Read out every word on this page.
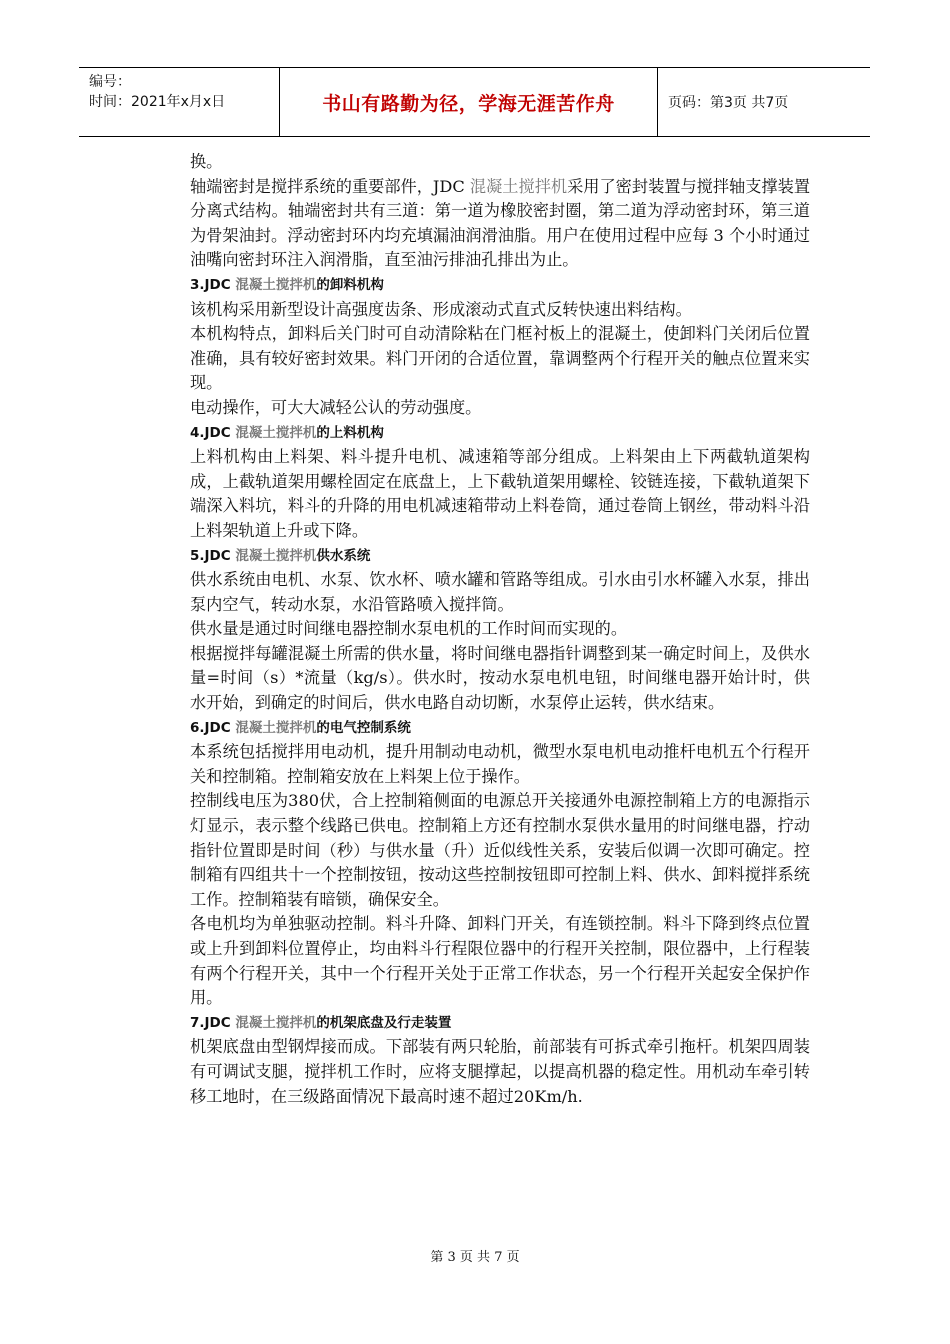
编号：
时间：2021年x月x日	书山有路勤为径，学海无涯苦作舟	页码：第3页 共7页

换。

轴端密封是搅拌系统的重要部件，JDC 混凝土搅拌机采用了密封装置与搅拌轴支撑装置分离式结构。轴端密封共有三道：第一道为橡胶密封圈，第二道为浮动密封环，第三道为骨架油封。浮动密封环内均充填漏油润滑油脂。用户在使用过程中应每 3 个小时通过油嘴向密封环注入润滑脂，直至油污排油孔排出为止。

3.JDC 混凝土搅拌机的卸料机构

该机构采用新型设计高强度齿条、形成滚动式直式反转快速出料结构。

本机构特点，卸料后关门时可自动清除粘在门框衬板上的混凝土，使卸料门关闭后位置准确，具有较好密封效果。料门开闭的合适位置，靠调整两个行程开关的触点位置来实现。

电动操作，可大大减轻公认的劳动强度。

4.JDC 混凝土搅拌机的上料机构

上料机构由上料架、料斗提升电机、减速箱等部分组成。上料架由上下两截轨道架构成，上截轨道架用螺栓固定在底盘上，上下截轨道架用螺栓、铰链连接，下截轨道架下端深入料坑，料斗的升降的用电机减速箱带动上料卷筒，通过卷筒上钢丝，带动料斗沿上料架轨道上升或下降。

5.JDC 混凝土搅拌机供水系统

供水系统由电机、水泵、饮水杯、喷水罐和管路等组成。引水由引水杯罐入水泵，排出泵内空气，转动水泵，水沿管路喷入搅拌筒。

供水量是通过时间继电器控制水泵电机的工作时间而实现的。

根据搅拌每罐混凝土所需的供水量，将时间继电器指针调整到某一确定时间上，及供水量=时间（s）*流量（kg/s）。供水时，按动水泵电机电钮，时间继电器开始计时，供水开始，到确定的时间后，供水电路自动切断，水泵停止运转，供水结束。

6.JDC 混凝土搅拌机的电气控制系统

本系统包括搅拌用电动机，提升用制动电动机，微型水泵电机电动推杆电机五个行程开关和控制箱。控制箱安放在上料架上位于操作。

控制线电压为380伏，合上控制箱侧面的电源总开关接通外电源控制箱上方的电源指示灯显示，表示整个线路已供电。控制箱上方还有控制水泵供水量用的时间继电器，拧动指针位置即是时间（秒）与供水量（升）近似线性关系，安装后似调一次即可确定。控制箱有四组共十一个控制按钮，按动这些控制按钮即可控制上料、供水、卸料搅拌系统工作。控制箱装有暗锁，确保安全。

各电机均为单独驱动控制。料斗升降、卸料门开关，有连锁控制。料斗下降到终点位置或上升到卸料位置停止，均由料斗行程限位器中的行程开关控制，限位器中，上行程装有两个行程开关，其中一个行程开关处于正常工作状态，另一个行程开关起安全保护作用。

7.JDC 混凝土搅拌机的机架底盘及行走装置

机架底盘由型钢焊接而成。下部装有两只轮胎，前部装有可拆式牵引拖杆。机架四周装有可调试支腿，搅拌机工作时，应将支腿撑起，以提高机器的稳定性。用机动车牵引转移工地时，在三级路面情况下最高时速不超过20Km/h.

第 3 页 共 7 页
